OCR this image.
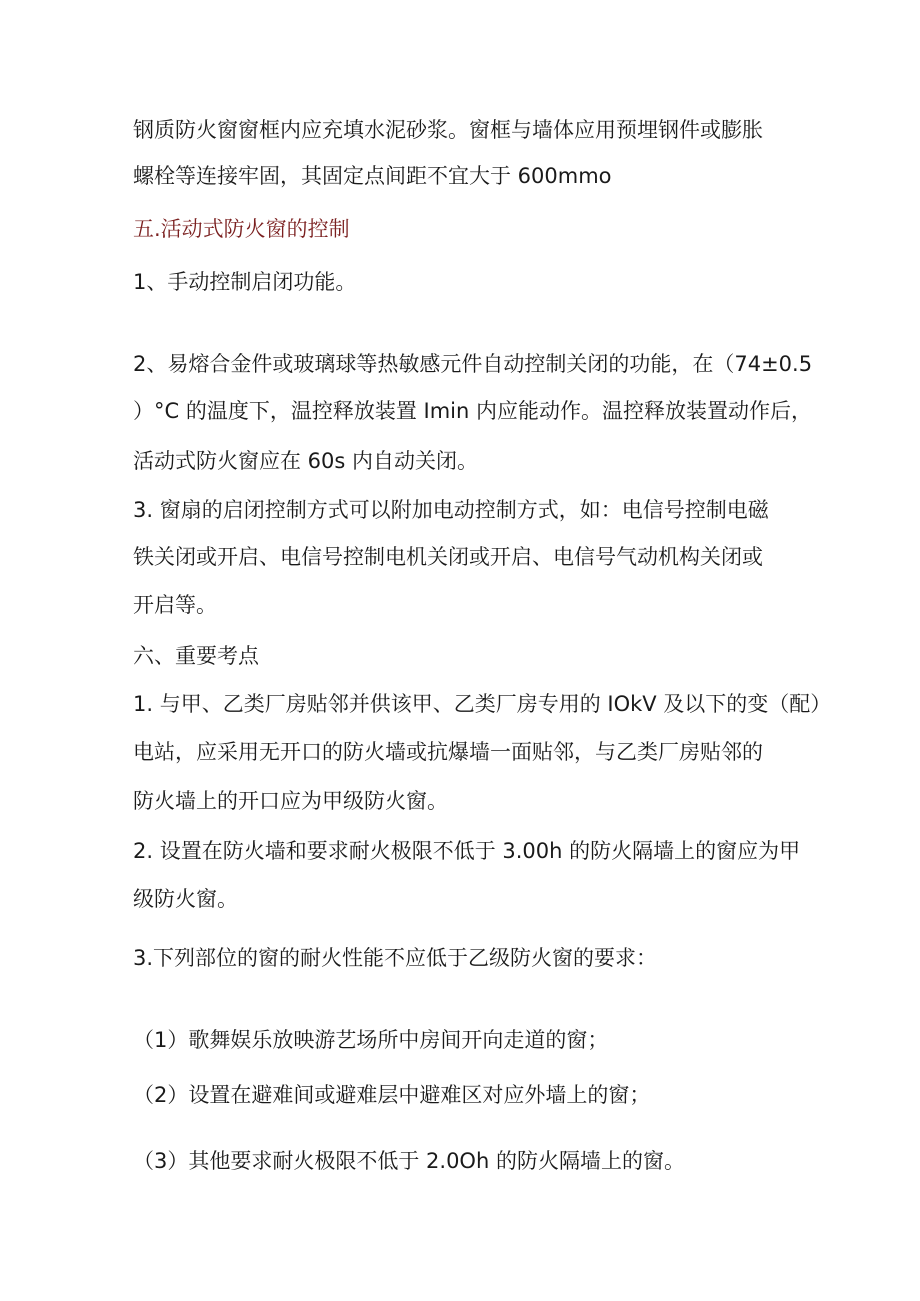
钢质防火窗窗框内应充填水泥砂浆。窗框与墙体应用预埋钢件或膨胀

螺栓等连接牢固，其固定点间距不宜大于 600mmo

五.活动式防火窗的控制

1、手动控制启闭功能。

2、易熔合金件或玻璃球等热敏感元件自动控制关闭的功能，在（74±0.5

）°C 的温度下，温控释放装置 Imin 内应能动作。温控释放装置动作后，

活动式防火窗应在 60s 内自动关闭。

3. 窗扇的启闭控制方式可以附加电动控制方式，如：电信号控制电磁

铁关闭或开启、电信号控制电机关闭或开启、电信号气动机构关闭或

开启等。

六、重要考点

1. 与甲、乙类厂房贴邻并供该甲、乙类厂房专用的 IOkV 及以下的变（配）

电站，应采用无开口的防火墙或抗爆墙一面贴邻，与乙类厂房贴邻的

防火墙上的开口应为甲级防火窗。

2. 设置在防火墙和要求耐火极限不低于 3.00h 的防火隔墙上的窗应为甲

级防火窗。

3.下列部位的窗的耐火性能不应低于乙级防火窗的要求：

（1）歌舞娱乐放映游艺场所中房间开向走道的窗；

（2）设置在避难间或避难层中避难区对应外墙上的窗；

（3）其他要求耐火极限不低于 2.0Oh 的防火隔墙上的窗。
